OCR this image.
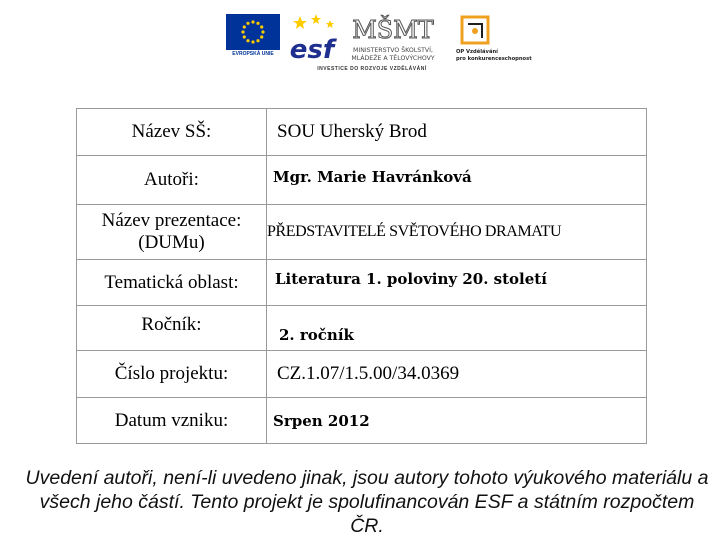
EVROPSKÁ UNIE esf
MŠMT
MINISTERSTVO ŠKOLSTVÍ,
MLÁDEŽE A TĚLOVÝCHOVY
OP Vzdělávání
pro konkurenceschopnost
INVESTICE DO ROZVOJE VZDĚLÁVÁNÍ
Název SŠ:	SOU Uherský Brod
Autoři:	Mgr. Marie Havránková
Název prezentace: (DUMu)	PŘEDSTAVITELÉ SVĚTOVÉHO DRAMATU
Tematická oblast:	Literatura 1. poloviny 20. století
Ročník:	2. ročník
Číslo projektu:	CZ.1.07/1.5.00/34.0369
Datum vzniku:	Srpen 2012
Uvedení autoři, není-li uvedeno jinak, jsou autory tohoto výukového materiálu a všech jeho částí. Tento projekt je spolufinancován ESF a státním rozpočtem ČR.
